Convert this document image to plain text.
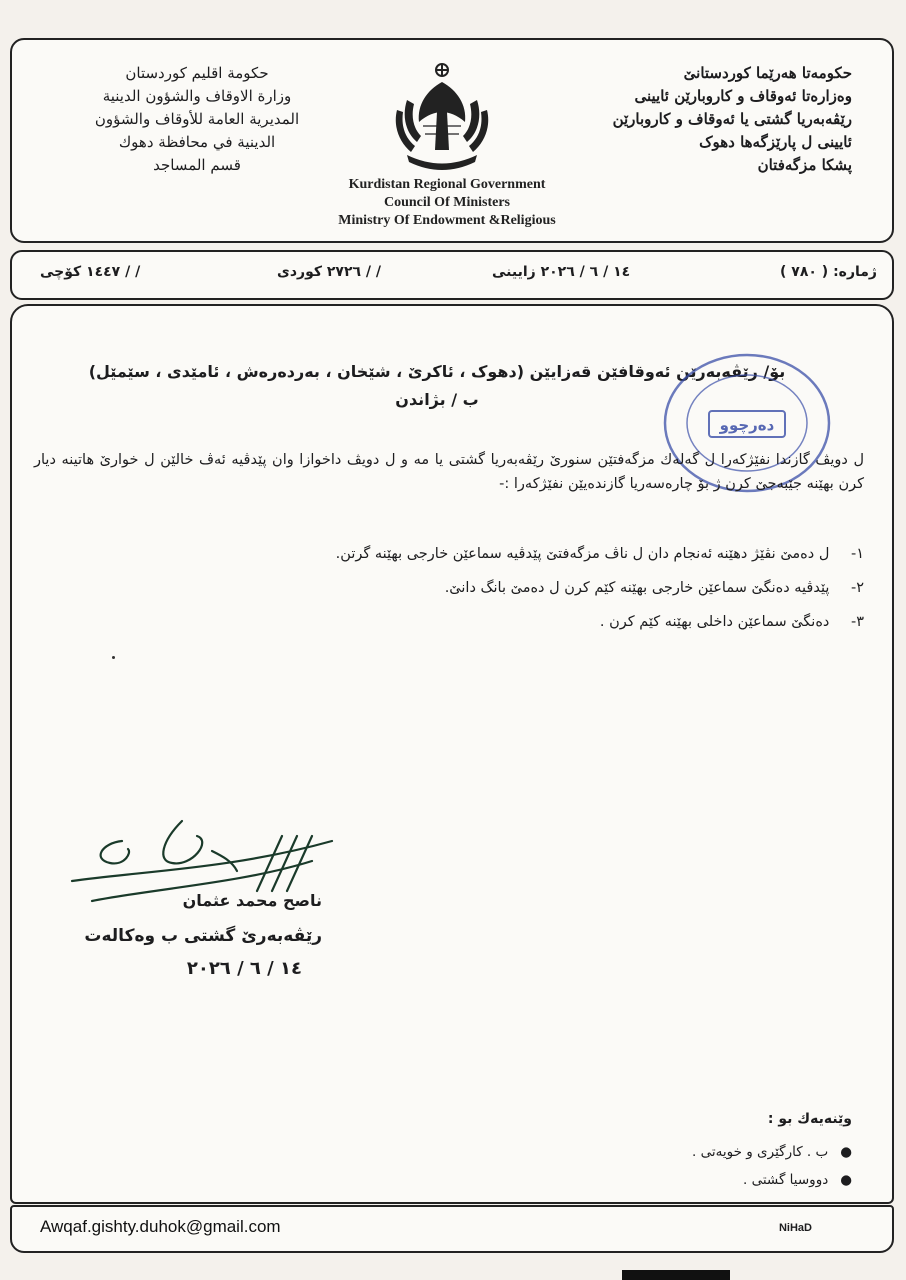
حکومەتا هەرێما کوردستانێ
وەزارەتا ئەوقاف و کاروبارێن ئایینی
رێڤەبەریا گشتی یا ئەوقاف و کاروبارێن
ئایینی ل پارێزگەها دهوک
پشکا مزگەفتان
Kurdistan Regional Government
Council Of Ministers
Ministry Of Endowment &Religious
حكومة اقليم كوردستان
وزارة الاوقاف والشؤون الدينية
المديرية العامة للأوقاف والشؤون
الدينية في محافظة دهوك
قسم المساجد
ژمارە: ( ٧٨٠ )
١٤ / ٦ / ٢٠٢٦ زایینی
/ / ٢٧٢٦ کوردی
/ / ١٤٤٧ کۆچی
بۆ/ رێڤەبەرێن ئەوقافێن قەزایێن (دهوک ، ئاکرێ ، شێخان ، بەردەرەش ، ئامێدی ، سێمێل)
ب / بژاندن
دەرچوو
ل دویڤ گازندا نفێژکەرا ل گەلەك مزگەفتێن سنورێ رێڤەبەریا گشتی یا مە و ل دویڤ داخوازا وان پێدڤیە ئەڤ خالێن ل خوارێ هاتینە دیار کرن بهێنە جێبەجێ کرن ژ بۆ چارەسەریا گازندەیێن نفێژکەرا :-
١- ل دەمێ نڤێژ دهێنە ئەنجام دان ل ناڤ مزگەفتێ پێدڤیە سماعێن خارجی بهێنە گرتن.
٢- پێدڤیە دەنگێ سماعێن خارجی بهێنە کێم کرن ل دەمێ بانگ دانێ.
٣- دەنگێ سماعێن داخلی بهێنە کێم کرن .
ناصح محمد عثمان
رێڤەبەرێ گشتی ب وەکالەت
١٤ / ٦ / ٢٠٢٦
وێنەیەك بو :
●ب . کارگێری و خویەتی .
●دووسیا گشتی .
Awqaf.gishty.duhok@gmail.com	NiHaD
